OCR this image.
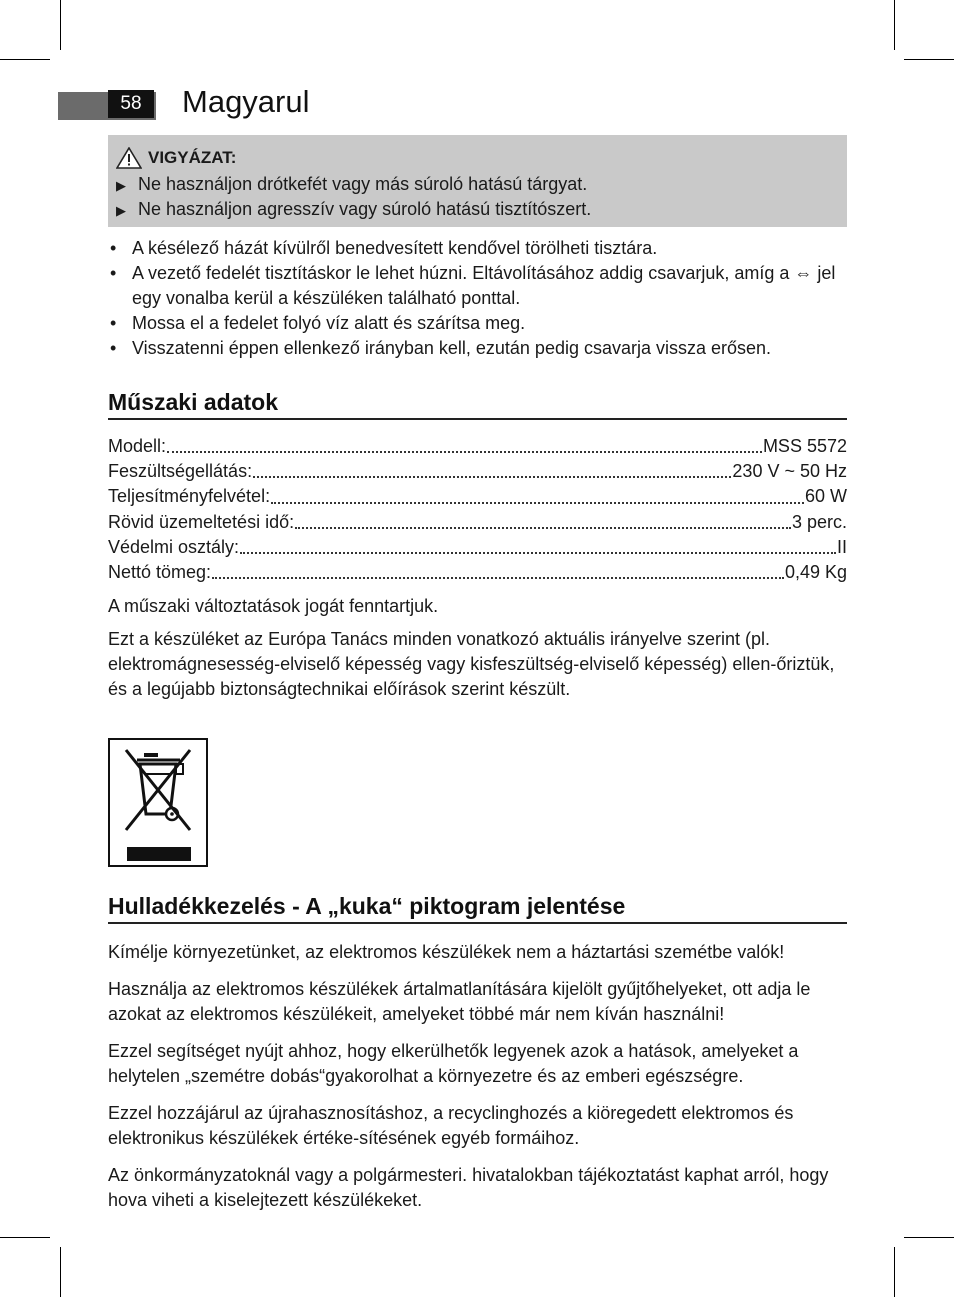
58	Magyarul
VIGYÁZAT:
▶ Ne használjon drótkefét vagy más súroló hatású tárgyat.
▶ Ne használjon agresszív vagy súroló hatású tisztítószert.
• A késélező házát kívülről benedvesített kendővel törölheti tisztára.
• A vezető fedelét tisztításkor le lehet húzni. Eltávolításához addig csavarjuk, amíg a ⇔ jel egy vonalba kerül a készüléken található ponttal.
• Mossa el a fedelet folyó víz alatt és szárítsa meg.
• Visszatenni éppen ellenkező irányban kell, ezután pedig csavarja vissza erősen.
Műszaki adatok
Modell:	MSS 5572
Feszültségellátás:	230 V ~ 50 Hz
Teljesítményfelvétel:	60 W
Rövid üzemeltetési idő:	3 perc.
Védelmi osztály:	II
Nettó tömeg:	0,49 Kg
A műszaki változtatások jogát fenntartjuk.
Ezt a készüléket az Európa Tanács minden vonatkozó aktuális irányelve szerint (pl. elektromágnesesség-elviselő képesség vagy kisfeszültség-elviselő képesség) ellen-őriztük, és a legújabb biztonságtechnikai előírások szerint készült.
Hulladékkezelés - A „kuka“ piktogram jelentése
Kímélje környezetünket, az elektromos készülékek nem a háztartási szemétbe valók!
Használja az elektromos készülékek ártalmatlanítására kijelölt gyűjtőhelyeket, ott adja le azokat az elektromos készülékeit, amelyeket többé már nem kíván használni!
Ezzel segítséget nyújt ahhoz, hogy elkerülhetők legyenek azok a hatások, amelyeket a helytelen „szemétre dobás“gyakorolhat a környezetre és az emberi egészségre.
Ezzel hozzájárul az újrahasznosításhoz, a recyclinghozés a kiöregedett elektromos és elektronikus készülékek értéke-sítésének egyéb formáihoz.
Az önkormányzatoknál vagy a polgármesteri. hivatalokban tájékoztatást kaphat arról, hogy hova viheti a kiselejtezett készülékeket.
